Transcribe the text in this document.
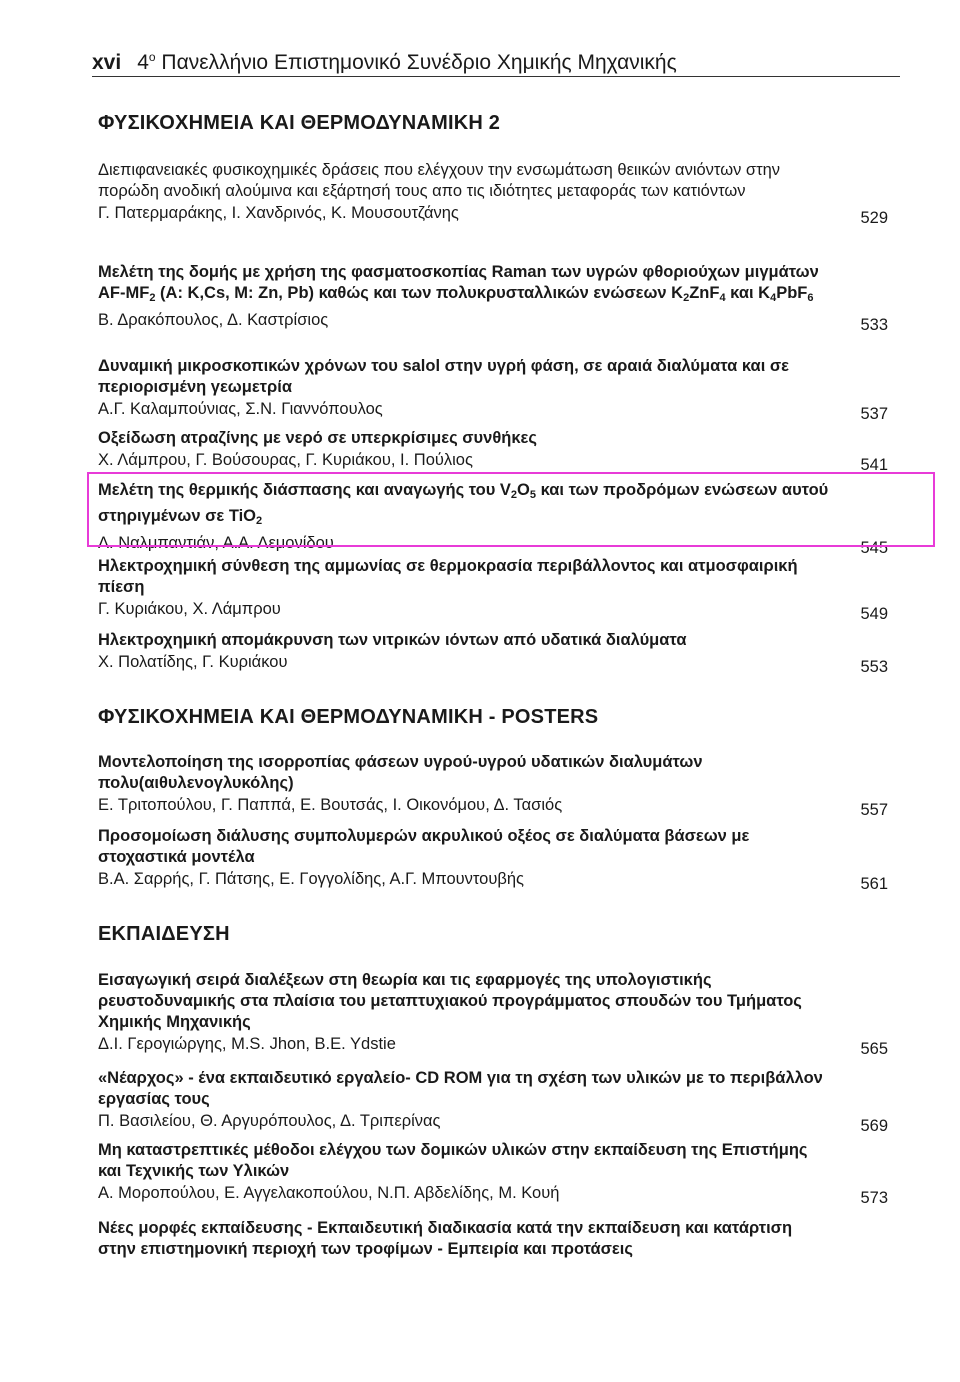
xvi $4^o$ Πανελλήνιο Επιστημονικό Συνέδριο Χημικής Μηχανικής
ΦΥΣΙΚΟΧΗΜΕΙΑ ΚΑΙ ΘΕΡΜΟΔΥΝΑΜΙΚΗ 2

Διεπιφανειακές φυσικοχημικές δράσεις που ελέγχουν την ενσωμάτωση θειικών ανιόντων στην πορώδη ανοδική αλούμινα και εξάρτησή τους απο τις ιδιότητες μεταφοράς των κατιόντων

Γ. Πατερμαράκης, Ι. Χανδρινός, Κ. Μουσουτζάνης	529

Μελέτη της δομής με χρήση της φασματοσκοπίας Raman των υγρών φθοριούχων μιγμάτων $AF-MF_2$ (A: K,Cs, M: Zn, Pb) καθώς και των πολυκρυσταλλικών ενώσεων $K_2ZnF_4$ και $K_4PbF_6$

Β. Δρακόπουλος, Δ. Καστρίσιος	533

Δυναμική μικροσκοπικών χρόνων του salol στην υγρή φάση, σε αραιά διαλύματα και σε περιορισμένη γεωμετρία

Α.Γ. Καλαμπούνιας, Σ.Ν. Γιαννόπουλος	537

Οξείδωση ατραζίνης με νερό σε υπερκρίσιμες συνθήκες

Χ. Λάμπρου, Γ. Βούσουρας, Γ. Κυριάκου, Ι. Πούλιος	541

Μελέτη της θερμικής διάσπασης και αναγωγής του $V_2O_5$ και των προδρόμων ενώσεων αυτού στηριγμένων σε TiO$_2$

Λ. Ναλμπαντιάν, Α.Α. Λεμονίδου	545

Ηλεκτροχημική σύνθεση της αμμωνίας σε θερμοκρασία περιβάλλοντος και ατμοσφαιρική πίεση

Γ. Κυριάκου, Χ. Λάμπρου	549

Ηλεκτροχημική απομάκρυνση των νιτρικών ιόντων από υδατικά διαλύματα

Χ. Πολατίδης, Γ. Κυριάκου	553
ΦΥΣΙΚΟΧΗΜΕΙΑ ΚΑΙ ΘΕΡΜΟΔΥΝΑΜΙΚΗ - POSTERS

Μοντελοποίηση της ισορροπίας φάσεων υγρού-υγρού υδατικών διαλυμάτων πολυ(αιθυλενογλυκόλης)

Ε. Τριτοπούλου, Γ. Παππά, Ε. Βουτσάς, Ι. Οικονόμου, Δ. Τασιός	557

Προσομοίωση διάλυσης συμπολυμερών ακρυλικού οξέος σε διαλύματα βάσεων με στοχαστικά μοντέλα

Β.Α. Σαρρής, Γ. Πάτσης, Ε. Γογγολίδης, Α.Γ. Μπουντουβής	561
ΕΚΠΑΙΔΕΥΣΗ

Εισαγωγική σειρά διαλέξεων στη θεωρία και τις εφαρμογές της υπολογιστικής ρευστοδυναμικής στα πλαίσια του μεταπτυχιακού προγράμματος σπουδών του Τμήματος Χημικής Μηχανικής

Δ.Ι. Γερογιώργης, M.S. Jhon, B.E. Ydstie	565

«Νέαρχος» - ένα εκπαιδευτικό εργαλείο- CD ROM για τη σχέση των υλικών με το περιβάλλον εργασίας τους

Π. Βασιλείου, Θ. Αργυρόπουλος, Δ. Τριπερίνας	569

Μη καταστρεπτικές μέθοδοι ελέγχου των δομικών υλικών στην εκπαίδευση της Επιστήμης και Τεχνικής των Υλικών

Α. Μοροπούλου, Ε. Αγγελακοπούλου, Ν.Π. Αβδελίδης, Μ. Κουή	573

Νέες μορφές εκπαίδευσης - Εκπαιδευτική διαδικασία κατά την εκπαίδευση και κατάρτιση στην επιστημονική περιοχή των τροφίμων - Εμπειρία και προτάσεις
